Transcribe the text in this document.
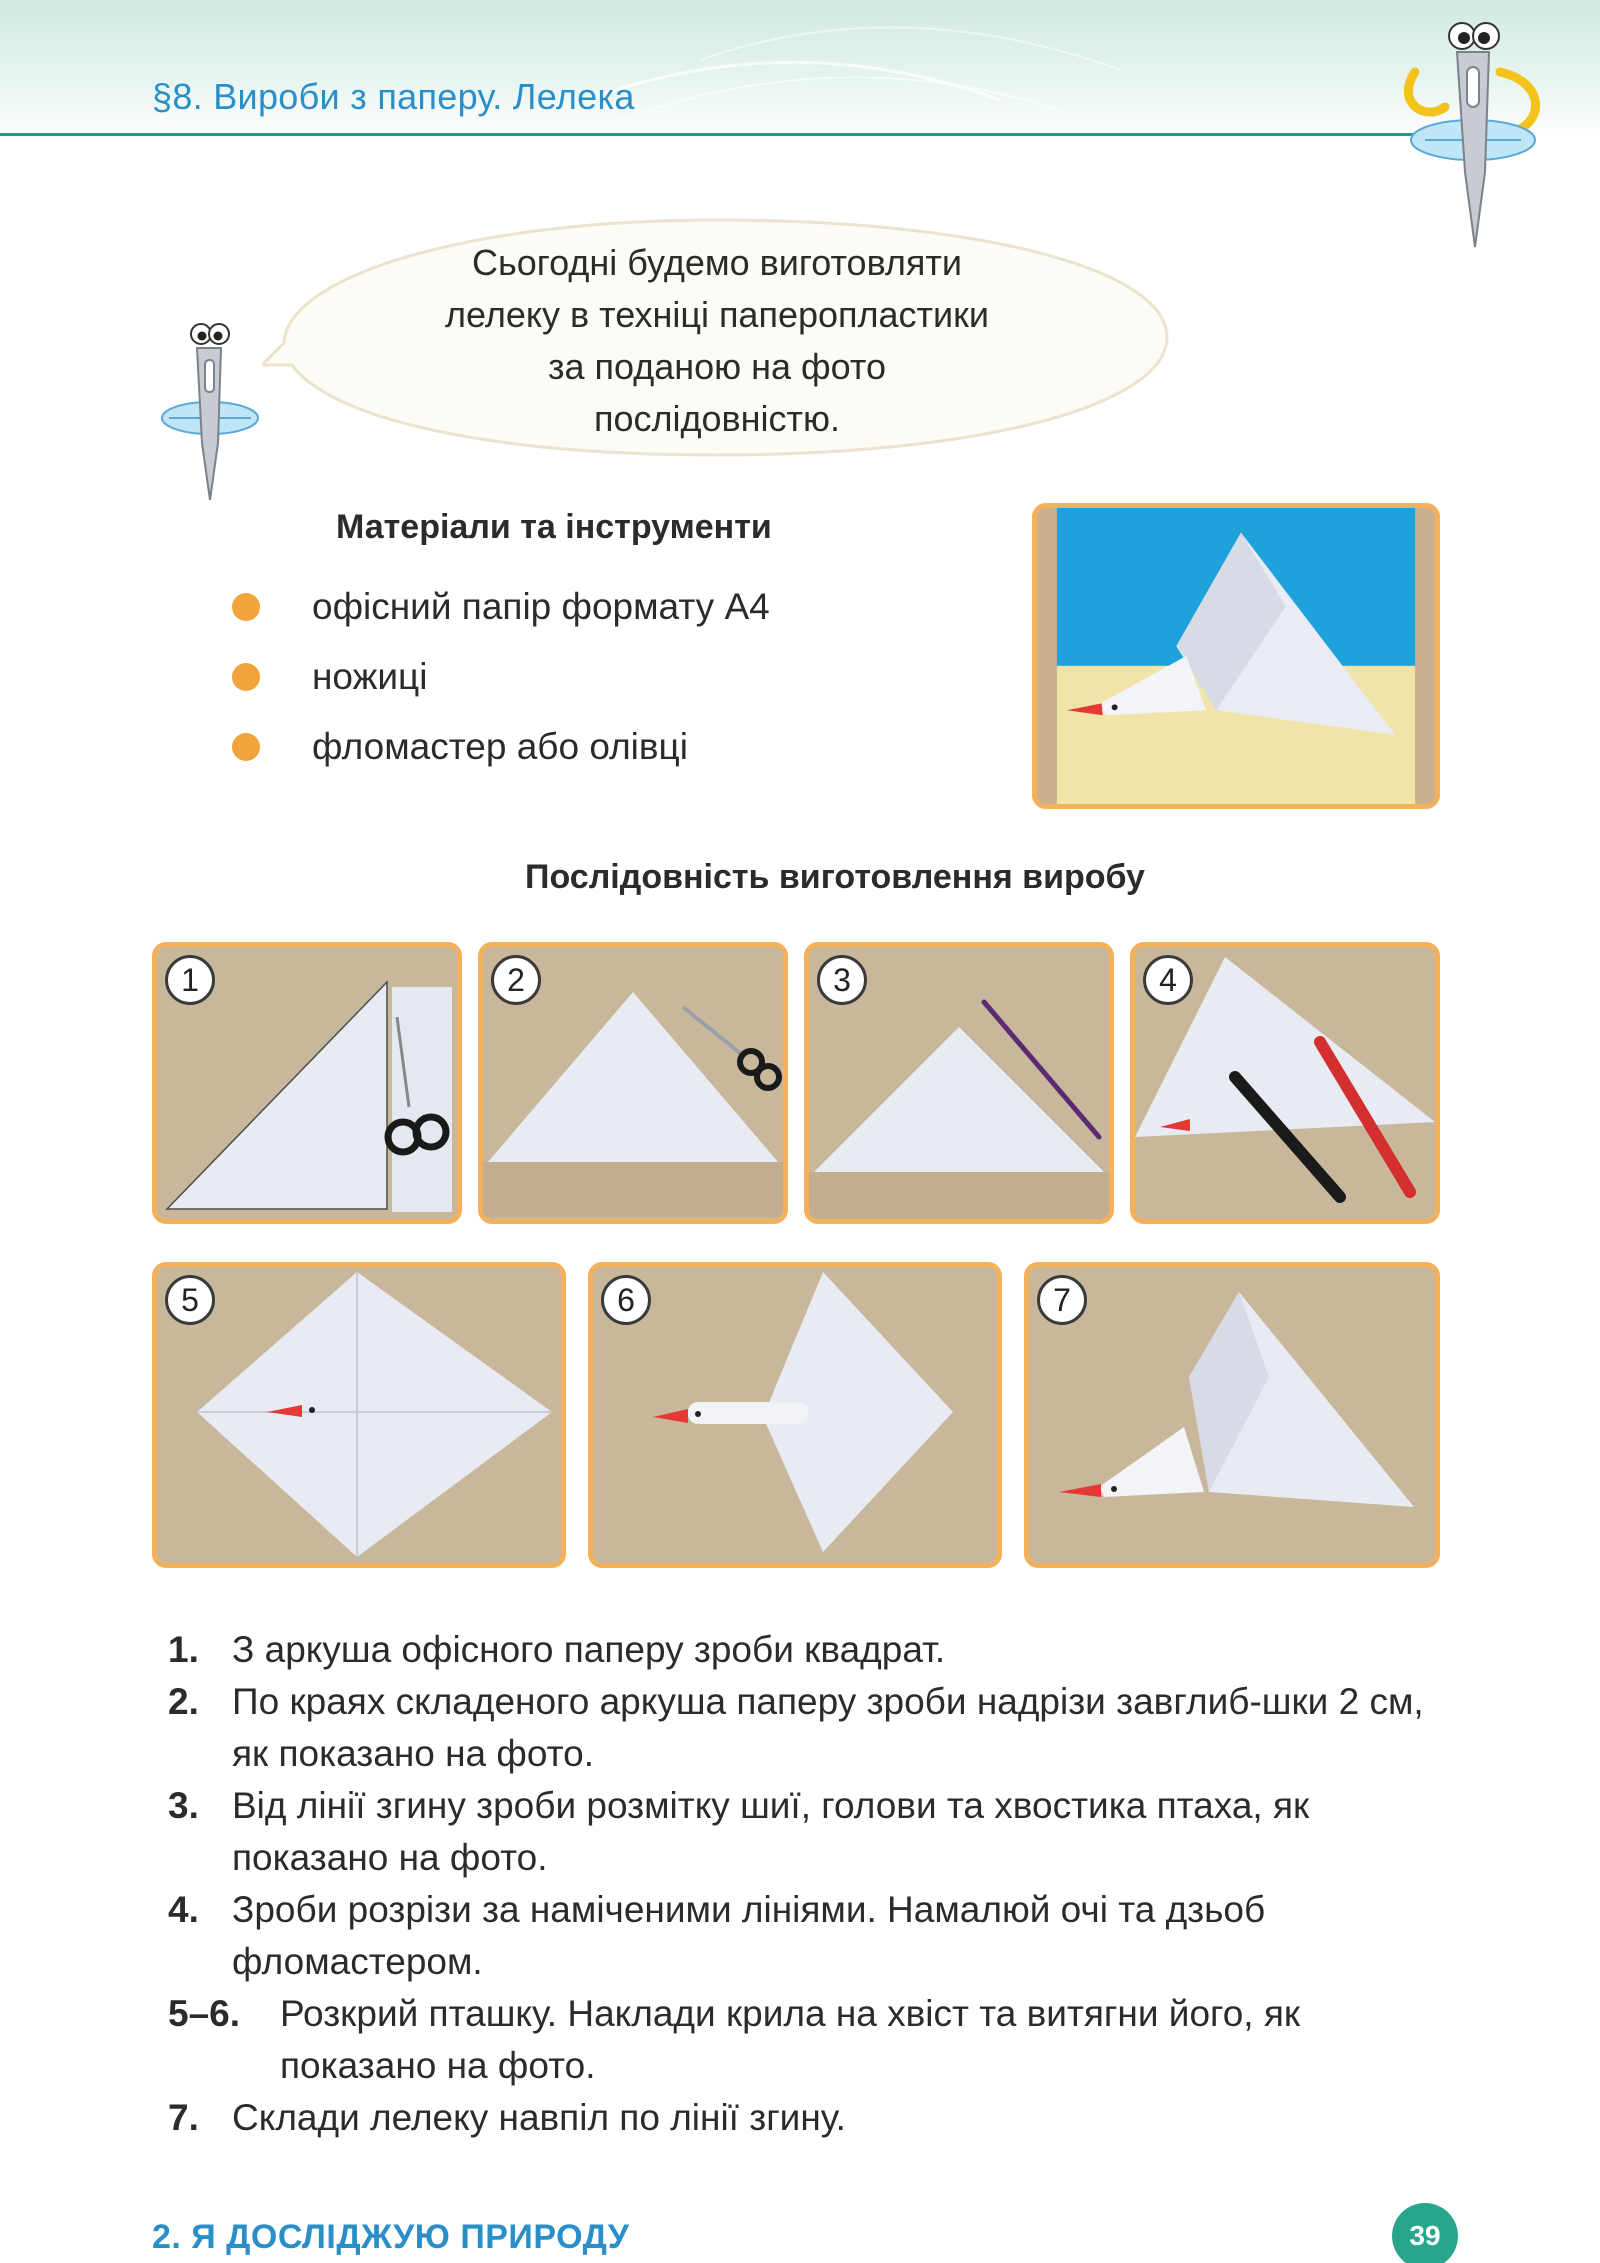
§8. Вироби з паперу. Лелека
Сьогодні будемо виготовляти
лелеку в техніці паперопластики
за поданою на фото
послідовністю.
Матеріали та інструменти
офісний папір формату А4
ножиці
фломастер або олівці
Послідовність виготовлення виробу
1	2	3	4
5	6	7
1. З аркуша офісного паперу зроби квадрат.
2. По краях складеного аркуша паперу зроби надрізи завглиб-шки 2 см, як показано на фото.
3. Від лінії згину зроби розмітку шиї, голови та хвостика птаха, як показано на фото.
4. Зроби розрізи за наміченими лініями. Намалюй очі та дзьоб фломастером.
5–6.	Розкрий пташку. Наклади крила на хвіст та витягни його, як показано на фото.
7. Склади лелеку навпіл по лінії згину.
2. Я ДОСЛІДЖУЮ ПРИРОДУ	39
